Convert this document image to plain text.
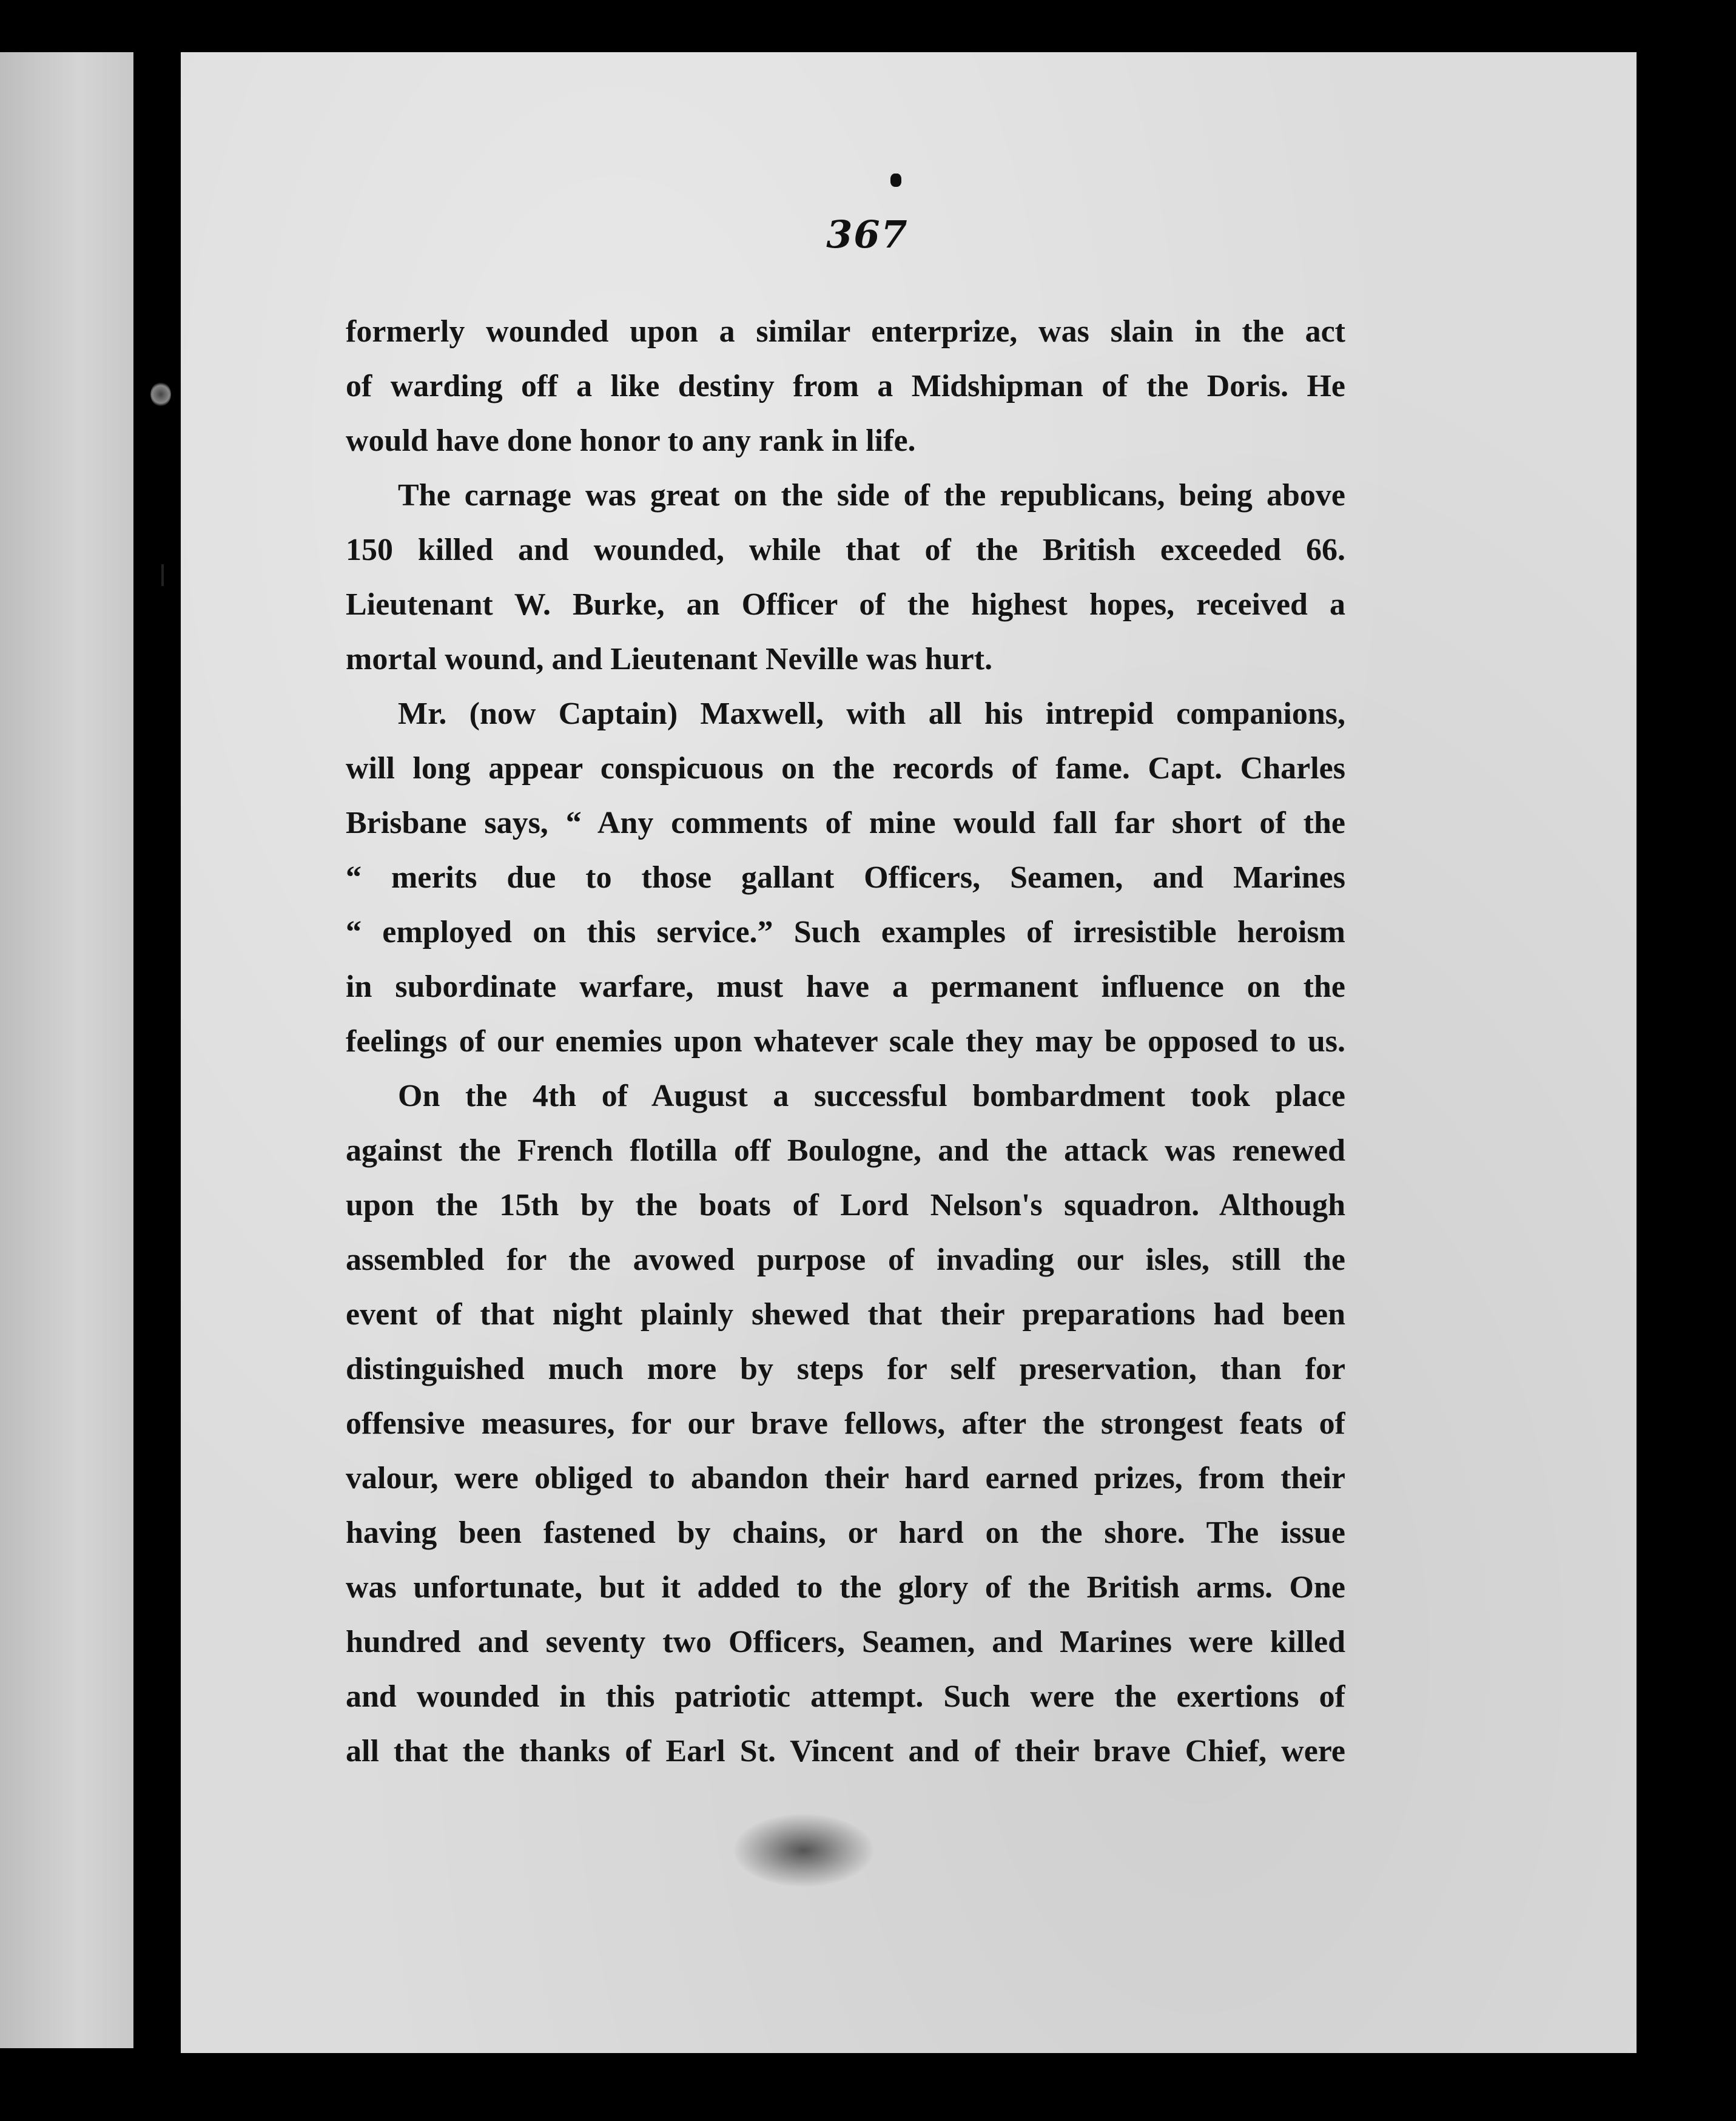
367
formerly wounded upon a similar enterprize, was slain in the act
of warding off a like destiny from a Midshipman of the Doris. He
would have done honor to any rank in life.
The carnage was great on the side of the republicans, being above
150 killed and wounded, while that of the British exceeded 66.
Lieutenant W. Burke, an Officer of the highest hopes, received a
mortal wound, and Lieutenant Neville was hurt.
Mr. (now Captain) Maxwell, with all his intrepid companions,
will long appear conspicuous on the records of fame. Capt. Charles
Brisbane says, “ Any comments of mine would fall far short of the
“ merits due to those gallant Officers, Seamen, and Marines
“ employed on this service.” Such examples of irresistible heroism
in subordinate warfare, must have a permanent influence on the
feelings of our enemies upon whatever scale they may be opposed to us.
On the 4th of August a successful bombardment took place
against the French flotilla off Boulogne, and the attack was renewed
upon the 15th by the boats of Lord Nelson's squadron. Although
assembled for the avowed purpose of invading our isles, still the
event of that night plainly shewed that their preparations had been
distinguished much more by steps for self preservation, than for
offensive measures, for our brave fellows, after the strongest feats of
valour, were obliged to abandon their hard earned prizes, from their
having been fastened by chains, or hard on the shore. The issue
was unfortunate, but it added to the glory of the British arms. One
hundred and seventy two Officers, Seamen, and Marines were killed
and wounded in this patriotic attempt. Such were the exertions of
all that the thanks of Earl St. Vincent and of their brave Chief, were
